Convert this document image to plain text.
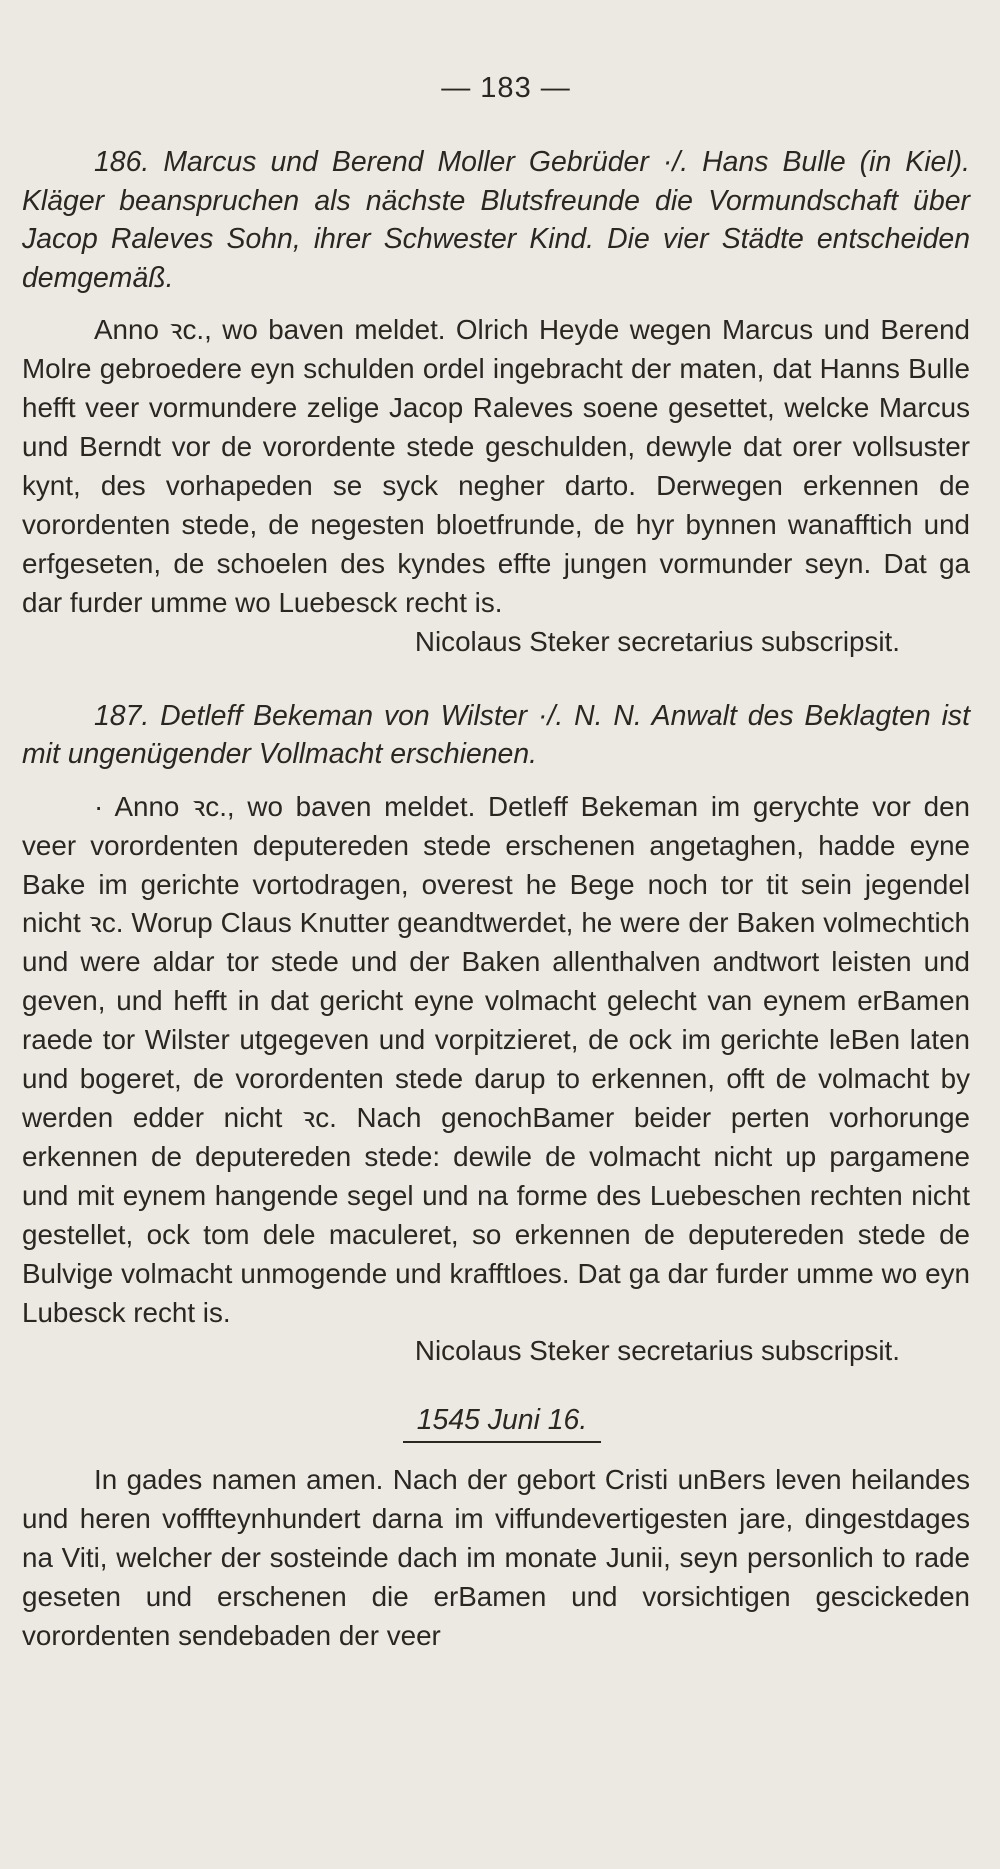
— 183 —

186. Marcus und Berend Moller Gebrüder ·/. Hans Bulle (in Kiel). Kläger beanspruchen als nächste Blutsfreunde die Vormundschaft über Jacop Raleves Sohn, ihrer Schwester Kind. Die vier Städte entscheiden demgemäß.

Anno ꝛc., wo baven meldet. Olrich Heyde wegen Marcus und Berend Molre gebroedere eyn schulden ordel ingebracht der maten, dat Hanns Bulle hefft veer vormundere zelige Jacop Raleves soene gesettet, welcke Marcus und Berndt vor de vorordente stede geschulden, dewyle dat orer vollsuster kynt, des vorhapeden se syck negher darto. Derwegen erkennen de vorordenten stede, de negesten bloetfrunde, de hyr bynnen wanafftich und erfgeseten, de schoelen des kyndes effte jungen vormunder seyn. Dat ga dar furder umme wo Luebesck recht is.

Nicolaus Steker secretarius subscripsit.

187. Detleff Bekeman von Wilster ·/. N. N. Anwalt des Beklagten ist mit ungenügender Vollmacht erschienen.

· Anno ꝛc., wo baven meldet. Detleff Bekeman im gerychte vor den veer vorordenten deputereden stede erschenen angetaghen, hadde eyne Bake im gerichte vortodragen, overest he Bege noch tor tit sein jegendel nicht ꝛc. Worup Claus Knutter geandtwerdet, he were der Baken volmechtich und were aldar tor stede und der Baken allenthalven andtwort leisten und geven, und hefft in dat gericht eyne volmacht gelecht van eynem erBamen raede tor Wilster utgegeven und vorpitzieret, de ock im gerichte leBen laten und bogeret, de vorordenten stede darup to erkennen, offt de volmacht by werden edder nicht ꝛc. Nach genochBamer beider perten vorhorunge erkennen de deputereden stede: dewile de volmacht nicht up pargamene und mit eynem hangende segel und na forme des Luebeschen rechten nicht gestellet, ock tom dele maculeret, so erkennen de deputereden stede de Bulvige volmacht unmogende und krafftloes. Dat ga dar furder umme wo eyn Lubesck recht is.

Nicolaus Steker secretarius subscripsit.

1545 Juni 16.

In gades namen amen. Nach der gebort Cristi unBers leven heilandes und heren vofffteynhundert darna im viffundevertigesten jare, dingestdages na Viti, welcher der sosteinde dach im monate Junii, seyn personlich to rade geseten und erschenen die erBamen und vorsichtigen gescickeden vorordenten sendebaden der veer
